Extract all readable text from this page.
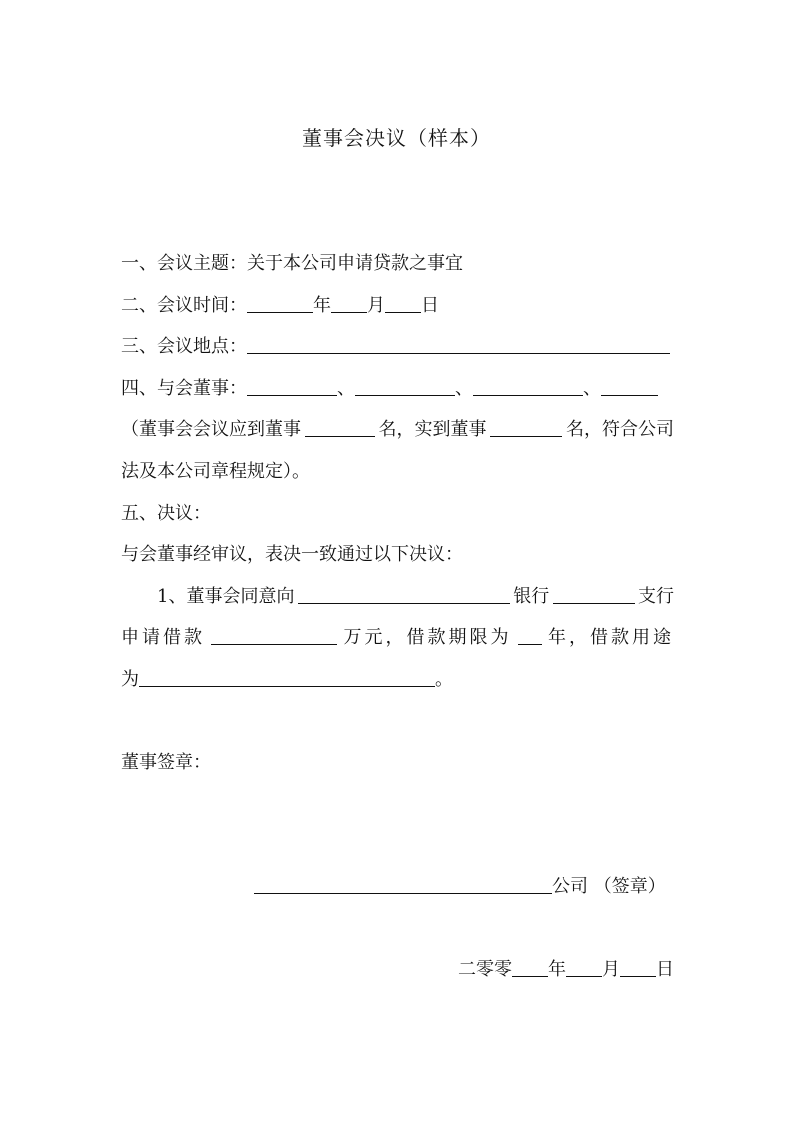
董事会决议（样本）
一、会议主题：关于本公司申请贷款之事宜
二、会议时间：	年 月 日
三、会议地点：
四、与会董事：	、	、	、
（董事会会议应到董事	名，实到董事	名，符合公司
法及本公司章程规定）。
五、决议：
与会董事经审议，表决一致通过以下决议：
1、董事会同意向	银行	支行
申请借款	万元，借款期限为 年，借款用途
为	。
董事签章：
公司 （签章）
二零零 年 月 日
